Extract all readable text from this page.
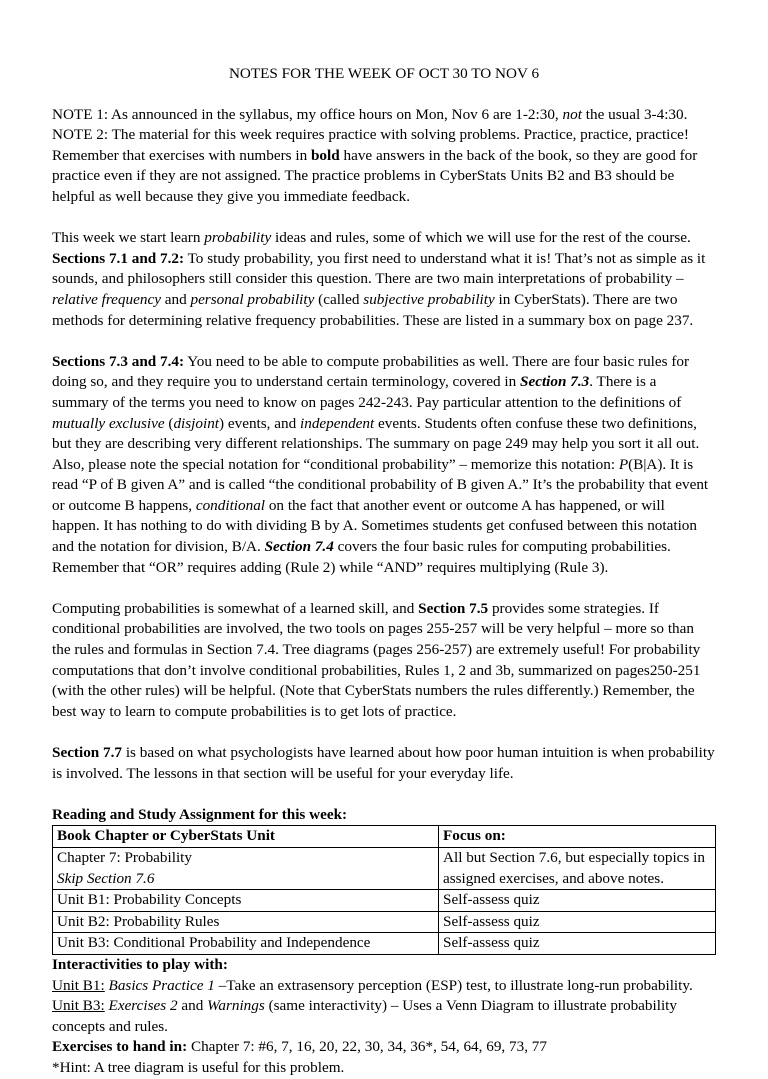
NOTES FOR THE WEEK OF OCT 30 TO NOV 6

NOTE 1: As announced in the syllabus, my office hours on Mon, Nov 6 are 1-2:30, not the usual 3-4:30.

NOTE 2: The material for this week requires practice with solving problems. Practice, practice, practice! Remember that exercises with numbers in bold have answers in the back of the book, so they are good for practice even if they are not assigned. The practice problems in CyberStats Units B2 and B3 should be helpful as well because they give you immediate feedback.

This week we start learn probability ideas and rules, some of which we will use for the rest of the course. Sections 7.1 and 7.2: To study probability, you first need to understand what it is! That’s not as simple as it sounds, and philosophers still consider this question. There are two main interpretations of probability – relative frequency and personal probability (called subjective probability in CyberStats). There are two methods for determining relative frequency probabilities. These are listed in a summary box on page 237.

Sections 7.3 and 7.4: You need to be able to compute probabilities as well. There are four basic rules for doing so, and they require you to understand certain terminology, covered in Section 7.3. There is a summary of the terms you need to know on pages 242-243. Pay particular attention to the definitions of mutually exclusive (disjoint) events, and independent events. Students often confuse these two definitions, but they are describing very different relationships. The summary on page 249 may help you sort it all out. Also, please note the special notation for “conditional probability” – memorize this notation: P(B|A). It is read “P of B given A” and is called “the conditional probability of B given A.” It’s the probability that event or outcome B happens, conditional on the fact that another event or outcome A has happened, or will happen. It has nothing to do with dividing B by A. Sometimes students get confused between this notation and the notation for division, B/A. Section 7.4 covers the four basic rules for computing probabilities. Remember that “OR” requires adding (Rule 2) while “AND” requires multiplying (Rule 3).

Computing probabilities is somewhat of a learned skill, and Section 7.5 provides some strategies. If conditional probabilities are involved, the two tools on pages 255-257 will be very helpful – more so than the rules and formulas in Section 7.4. Tree diagrams (pages 256-257) are extremely useful! For probability computations that don’t involve conditional probabilities, Rules 1, 2 and 3b, summarized on pages250-251 (with the other rules) will be helpful. (Note that CyberStats numbers the rules differently.) Remember, the best way to learn to compute probabilities is to get lots of practice.

Section 7.7 is based on what psychologists have learned about how poor human intuition is when probability is involved. The lessons in that section will be useful for your everyday life.

Reading and Study Assignment for this week:
Book Chapter or CyberStats Unit	Focus on:

Chapter 7: Probability
Skip Section 7.6	All but Section 7.6, but especially topics in assigned exercises, and above notes.
Unit B1: Probability Concepts	Self-assess quiz
Unit B2: Probability Rules	Self-assess quiz
Unit B3: Conditional Probability and Independence	Self-assess quiz
Interactivities to play with:
Unit B1: Basics Practice 1 –Take an extrasensory perception (ESP) test, to illustrate long-run probability.
Unit B3: Exercises 2 and Warnings (same interactivity) – Uses a Venn Diagram to illustrate probability concepts and rules.
Exercises to hand in: Chapter 7: #6, 7, 16, 20, 22, 30, 34, 36*, 54, 64, 69, 73, 77
*Hint: A tree diagram is useful for this problem.
